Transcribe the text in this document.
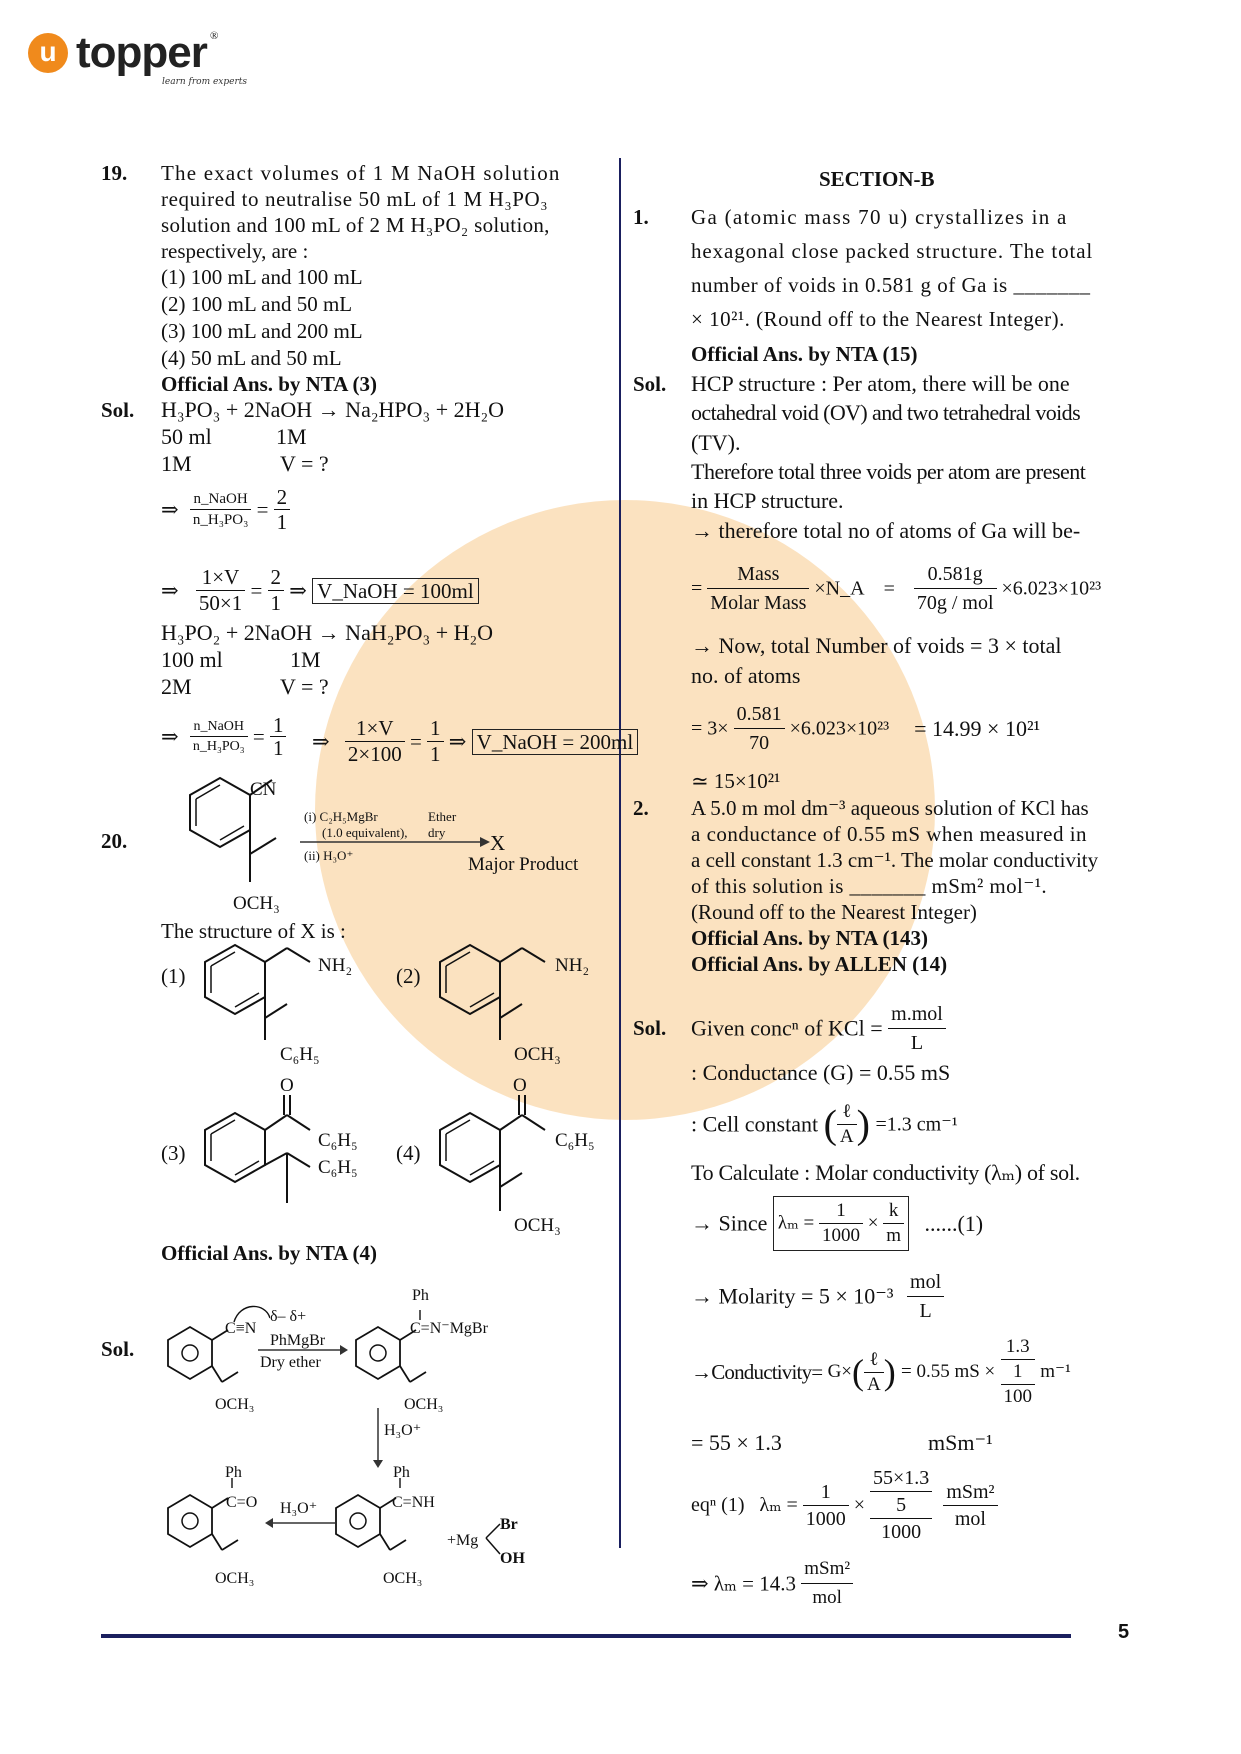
u topper ®
learn from experts
19. The exact volumes of 1 M NaOH solution
required to neutralise 50 mL of 1 M H₃PO₃
solution and 100 mL of 2 M H₃PO₂ solution,
respectively, are :
(1) 100 mL and 100 mL
(2) 100 mL and 50 mL
(3) 100 mL and 200 mL
(4) 50 mL and 50 mL
Official Ans. by NTA (3)
Sol. H₃PO₃ + 2NaOH → Na₂HPO₃ + 2H₂O
50 ml	1M
1M	V = ?
⇒ $\frac{\text{n\_NaOH}}{\text{n\_H₃PO₃}} = \frac{2}{1}$
⇒ $\frac{1\times V}{50\times 1} = \frac{2}{1}$ ⇒ V_NaOH = 100ml
H₃PO₂ + 2NaOH → NaH₂PO₃ + H₂O
100 ml	1M
2M	V = ?
⇒ $\frac{\text{n\_NaOH}}{\text{n\_H₃PO₃}} = \frac{1}{1}$ ⇒ $\frac{1\times V}{2\times 100} = \frac{1}{1}$ ⇒ V_NaOH = 200ml
20.
CN
OCH₃
(i) C₂H₅MgBr	Ether
(1.0 equivalent), dry
(ii) H₃O⁺
X
Major Product
The structure of X is :
(1)	NH₂
C₆H₅
(2)	NH₂
OCH₃
(3)
O
C₆H₅
C₆H₅
(4)
O
C₆H₅
OCH₃
Official Ans. by NTA (4)
Sol.
C≡N
δ– δ+
PhMgBr
Dry ether
OCH₃
Ph
C=N⁻MgBr
OCH₃
H₃O⁺
Ph
C=O
OCH₃
H₃O⁺
Ph
C=NH
OCH₃
+Mg
Br
OH
SECTION-B
1. Ga (atomic mass 70 u) crystallizes in a
hexagonal close packed structure. The total
number of voids in 0.581 g of Ga is _______
× 10²¹. (Round off to the Nearest Integer).
Official Ans. by NTA (15)
Sol. HCP structure : Per atom, there will be one
octahedral void (OV) and two tetrahedral voids
(TV).
Therefore total three voids per atom are present
in HCP structure.
→ therefore total no of atoms of Ga will be-
= $\frac{\text{Mass}}{\text{Molar Mass}}$ ×N_A = $\frac{0.581g}{\text{70g / mol}} \times 6.023\times 10^{23}$
→ Now, total Number of voids = 3 × total
no. of atoms
= $3\times \frac{0.581}{70} \times 6.023\times 10^{23} = 14.99 \times 10^{21}$
≃ 15×10²¹
2. A 5.0 m mol dm⁻³ aqueous solution of KCl has
a conductance of 0.55 mS when measured in
a cell constant 1.3 cm⁻¹. The molar conductivity
of this solution is _______ mSm² mol⁻¹.
(Round off to the Nearest Integer)
Official Ans. by NTA (143)
Official Ans. by ALLEN (14)
Sol. Given concⁿ of KCl = $\frac{\text{m.mol}}{L}$
: Conductance (G) = 0.55 mS
: Cell constant ( $\frac{\text{ℓ}}{A}$ ) =1.3 cm⁻¹
To Calculate : Molar conductivity (λₘ) of sol.
→ Since $\lambda_m = \frac{1}{1000} \times \frac{k}{m} ......(1)$
→ Molarity = $5 \times 10^{-3} \frac{\text{mol}}{L}$
→Conductivity= $G\times( \frac{\text{ℓ}}{A}$ ) = 0.55 mS ×
1.3
1
100
m⁻¹
= 55 × 1.3	mSm⁻¹
eqⁿ (1) $\lambda_m = \frac{1}{1000}$ ×
55×1.3
5
1000

$\frac{\text{mSm²}}{\text{mol}}$
⇒ $\lambda_m = 14.3 \frac{\text{mSm²}}{\text{mol}}$
5
